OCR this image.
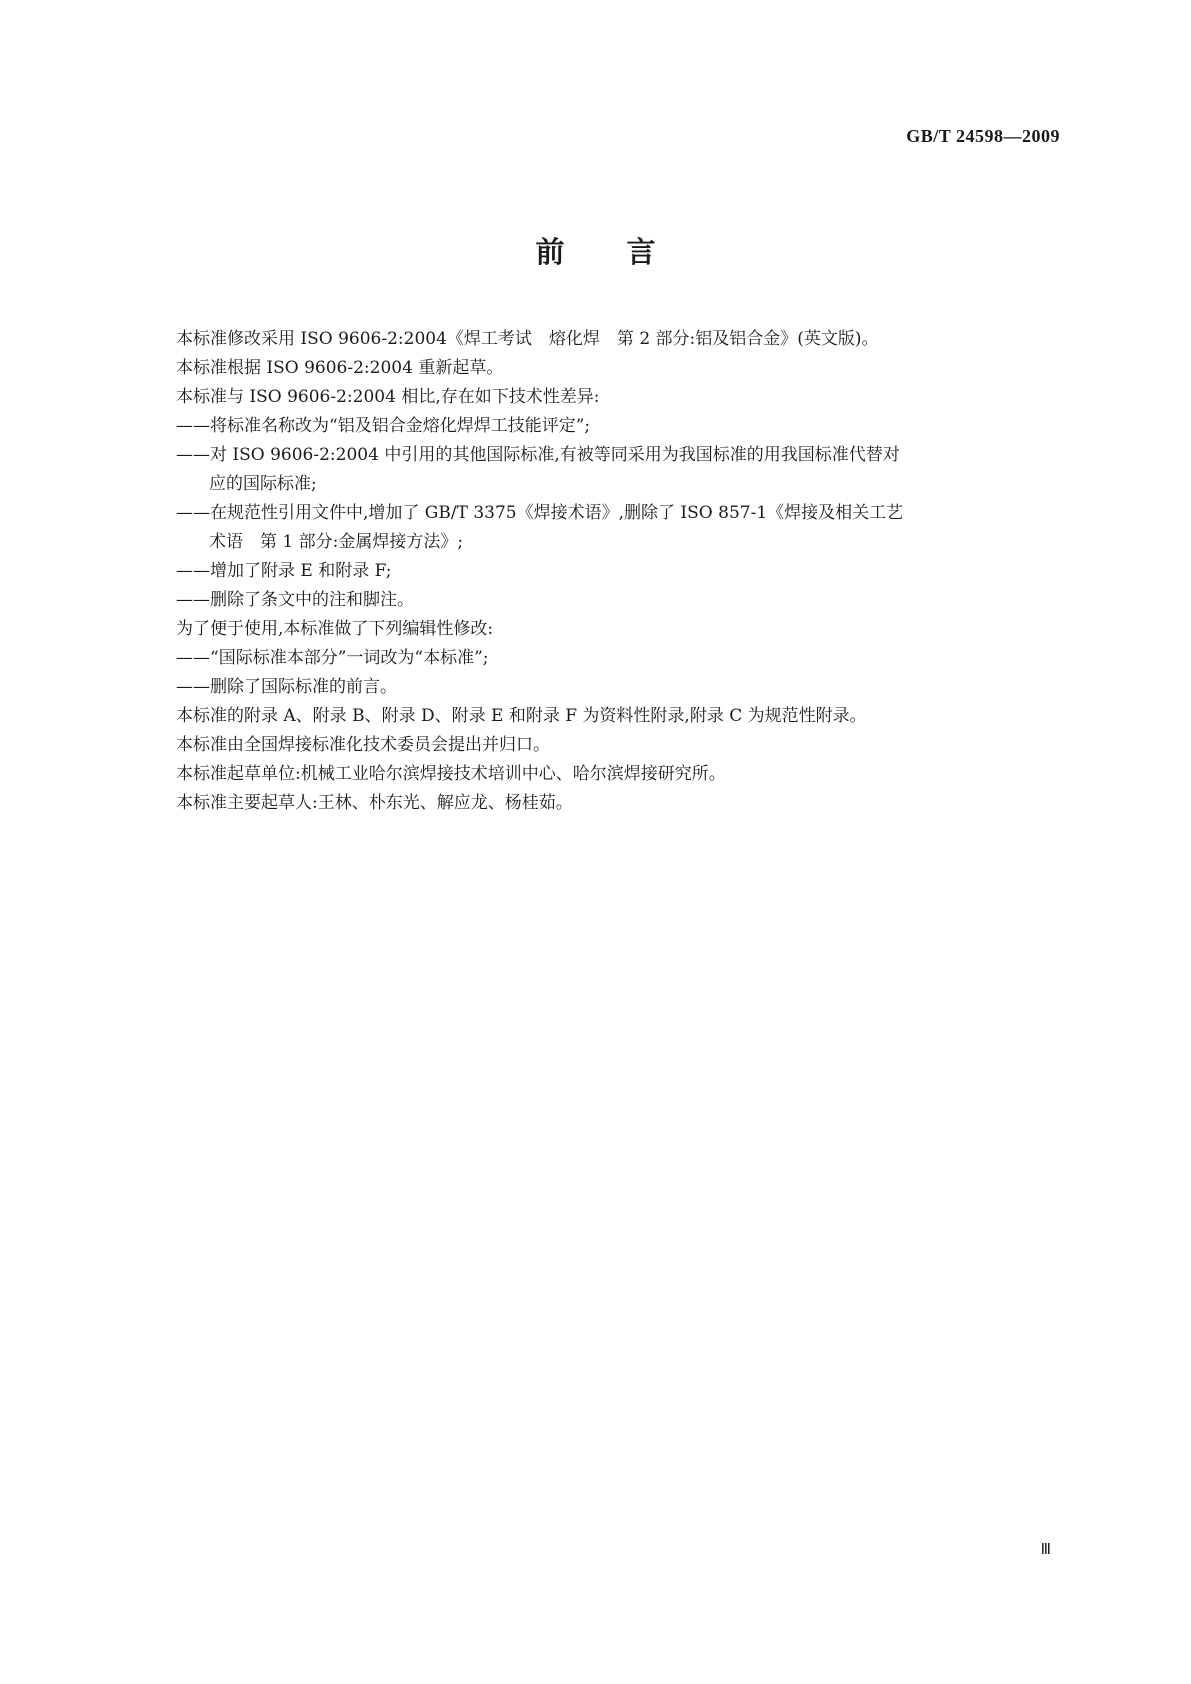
GB/T 24598—2009
前言
本标准修改采用 ISO 9606-2:2004《焊工考试　熔化焊　第 2 部分:铝及铝合金》(英文版)。
本标准根据 ISO 9606-2:2004 重新起草。
本标准与 ISO 9606-2:2004 相比,存在如下技术性差异:
——将标准名称改为“铝及铝合金熔化焊焊工技能评定”;
——对 ISO 9606-2:2004 中引用的其他国际标准,有被等同采用为我国标准的用我国标准代替对
应的国际标准;
——在规范性引用文件中,增加了 GB/T 3375《焊接术语》,删除了 ISO 857-1《焊接及相关工艺
术语　第 1 部分:金属焊接方法》;
——增加了附录 E 和附录 F;
——删除了条文中的注和脚注。
为了便于使用,本标准做了下列编辑性修改:
——“国际标准本部分”一词改为“本标准”;
——删除了国际标准的前言。
本标准的附录 A、附录 B、附录 D、附录 E 和附录 F 为资料性附录,附录 C 为规范性附录。
本标准由全国焊接标准化技术委员会提出并归口。
本标准起草单位:机械工业哈尔滨焊接技术培训中心、哈尔滨焊接研究所。
本标准主要起草人:王林、朴东光、解应龙、杨桂茹。
Ⅲ
